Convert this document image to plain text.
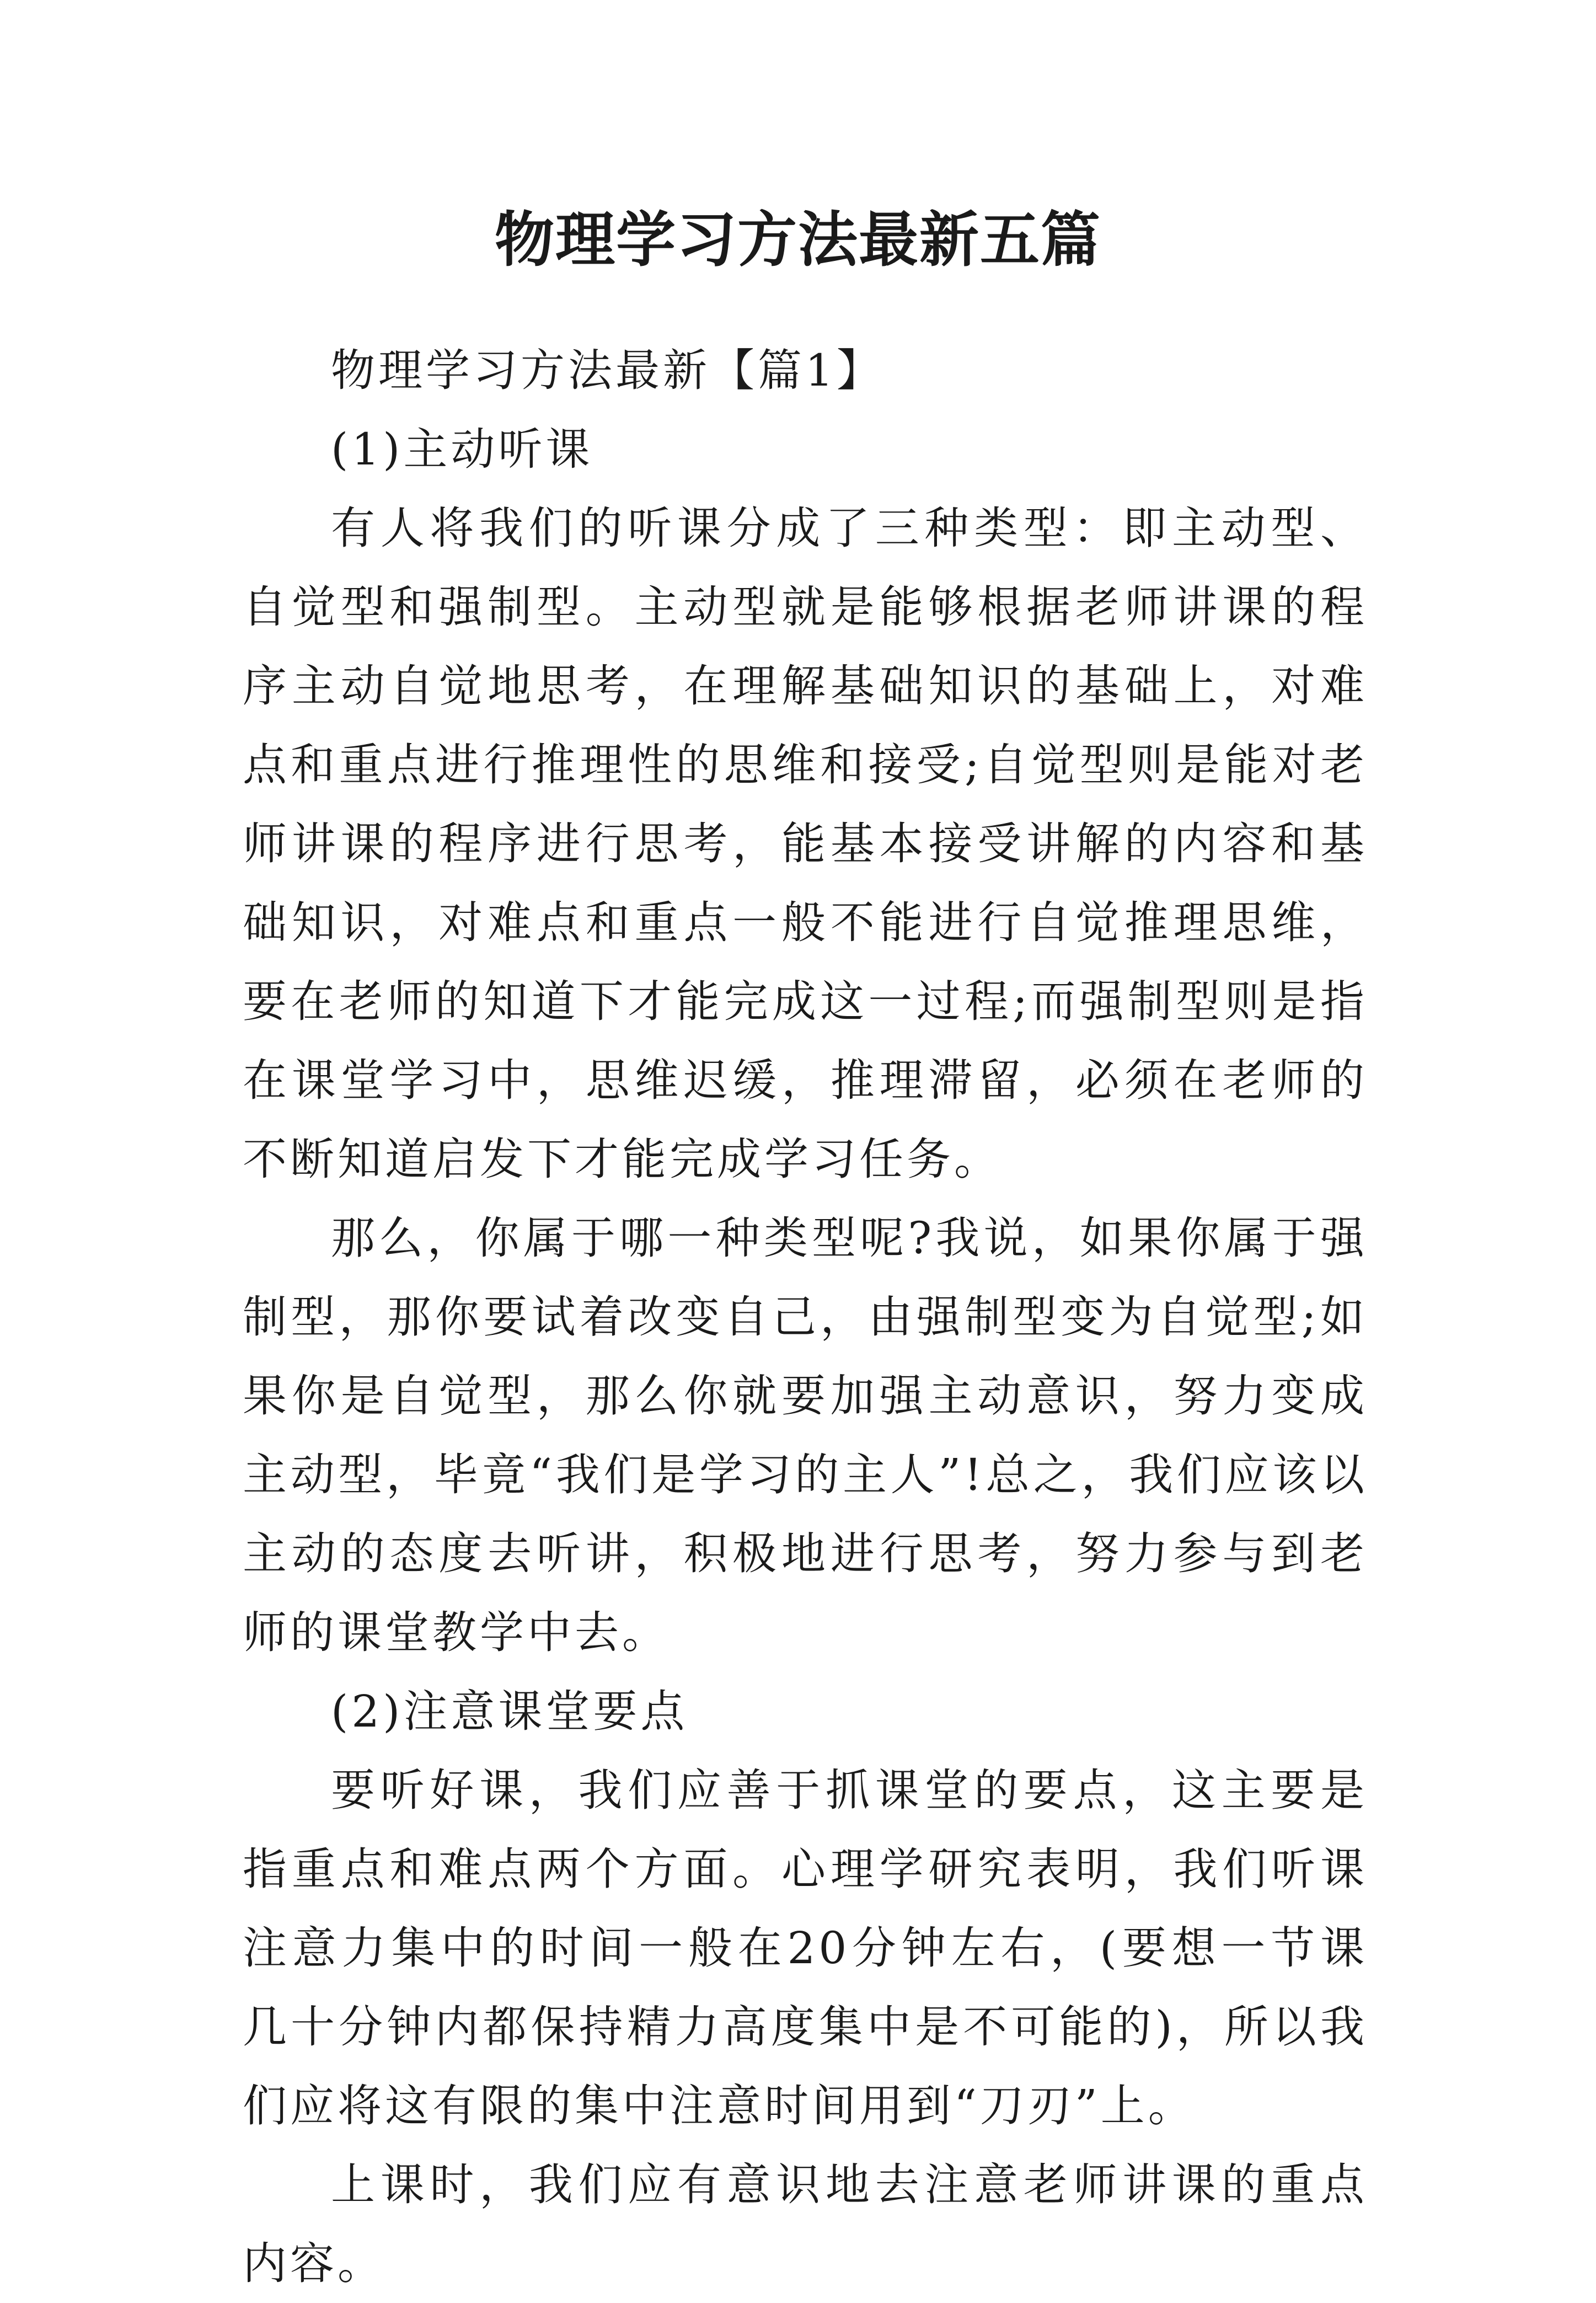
物理学习方法最新五篇

物理学习方法最新【篇1】

(1)主动听课

有人将我们的听课分成了三种类型：即主动型、自觉型和强制型。主动型就是能够根据老师讲课的程序主动自觉地思考，在理解基础知识的基础上，对难点和重点进行推理性的思维和接受;自觉型则是能对老师讲课的程序进行思考，能基本接受讲解的内容和基础知识，对难点和重点一般不能进行自觉推理思维，要在老师的知道下才能完成这一过程;而强制型则是指在课堂学习中，思维迟缓，推理滞留，必须在老师的不断知道启发下才能完成学习任务。

那么，你属于哪一种类型呢?我说，如果你属于强制型，那你要试着改变自己，由强制型变为自觉型;如果你是自觉型，那么你就要加强主动意识，努力变成主动型，毕竟“我们是学习的主人”!总之，我们应该以主动的态度去听讲，积极地进行思考，努力参与到老师的课堂教学中去。

(2)注意课堂要点

要听好课，我们应善于抓课堂的要点，这主要是指重点和难点两个方面。心理学研究表明，我们听课注意力集中的时间一般在20分钟左右，(要想一节课几十分钟内都保持精力高度集中是不可能的)，所以我们应将这有限的集中注意时间用到“刀刃”上。

上课时，我们应有意识地去注意老师讲课的重点内容。
